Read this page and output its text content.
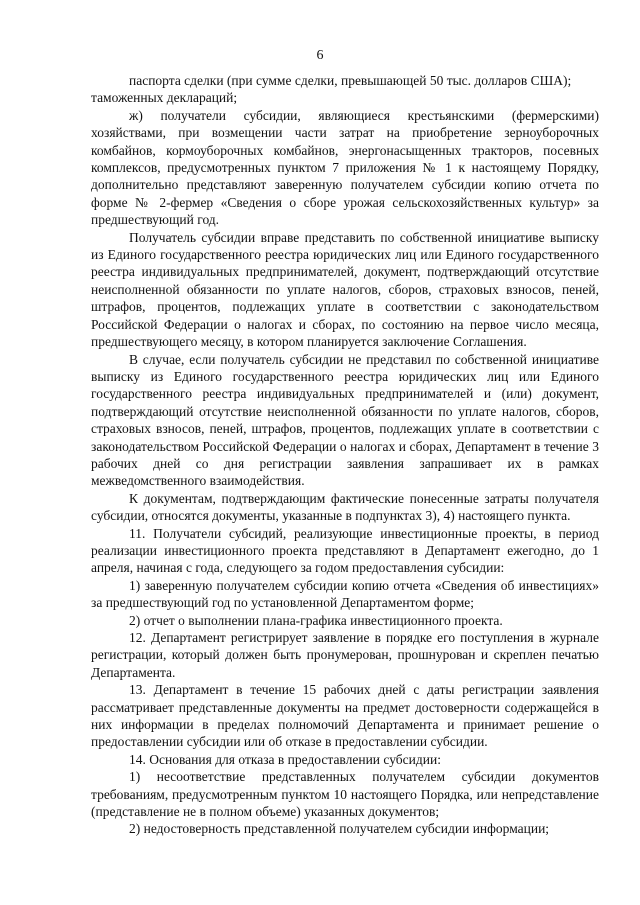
6

паспорта сделки (при сумме сделки, превышающей 50 тыс. долларов США);

таможенных деклараций;

ж) получатели субсидии, являющиеся крестьянскими (фермерскими) хозяйствами, при возмещении части затрат на приобретение зерноуборочных комбайнов, кормоуборочных комбайнов, энергонасыщенных тракторов, посевных комплексов, предусмотренных пунктом 7 приложения № 1 к настоящему Порядку, дополнительно представляют заверенную получателем субсидии копию отчета по форме № 2-фермер «Сведения о сборе урожая сельскохозяйственных культур» за предшествующий год.

Получатель субсидии вправе представить по собственной инициативе выписку из Единого государственного реестра юридических лиц или Единого государственного реестра индивидуальных предпринимателей, документ, подтверждающий отсутствие неисполненной обязанности по уплате налогов, сборов, страховых взносов, пеней, штрафов, процентов, подлежащих уплате в соответствии с законодательством Российской Федерации о налогах и сборах, по состоянию на первое число месяца, предшествующего месяцу, в котором планируется заключение Соглашения.

В случае, если получатель субсидии не представил по собственной инициативе выписку из Единого государственного реестра юридических лиц или Единого государственного реестра индивидуальных предпринимателей и (или) документ, подтверждающий отсутствие неисполненной обязанности по уплате налогов, сборов, страховых взносов, пеней, штрафов, процентов, подлежащих уплате в соответствии с законодательством Российской Федерации о налогах и сборах, Департамент в течение 3 рабочих дней со дня регистрации заявления запрашивает их в рамках межведомственного взаимодействия.

К документам, подтверждающим фактические понесенные затраты получателя субсидии, относятся документы, указанные в подпунктах 3), 4) настоящего пункта.

11. Получатели субсидий, реализующие инвестиционные проекты, в период реализации инвестиционного проекта представляют в Департамент ежегодно, до 1 апреля, начиная с года, следующего за годом предоставления субсидии:

1) заверенную получателем субсидии копию отчета «Сведения об инвестициях» за предшествующий год по установленной Департаментом форме;

2) отчет о выполнении плана-графика инвестиционного проекта.

12. Департамент регистрирует заявление в порядке его поступления в журнале регистрации, который должен быть пронумерован, прошнурован и скреплен печатью Департамента.

13. Департамент в течение 15 рабочих дней с даты регистрации заявления рассматривает представленные документы на предмет достоверности содержащейся в них информации в пределах полномочий Департамента и принимает решение о предоставлении субсидии или об отказе в предоставлении субсидии.

14. Основания для отказа в предоставлении субсидии:

1) несоответствие представленных получателем субсидии документов требованиям, предусмотренным пунктом 10 настоящего Порядка, или непредставление (представление не в полном объеме) указанных документов;

2) недостоверность представленной получателем субсидии информации;
